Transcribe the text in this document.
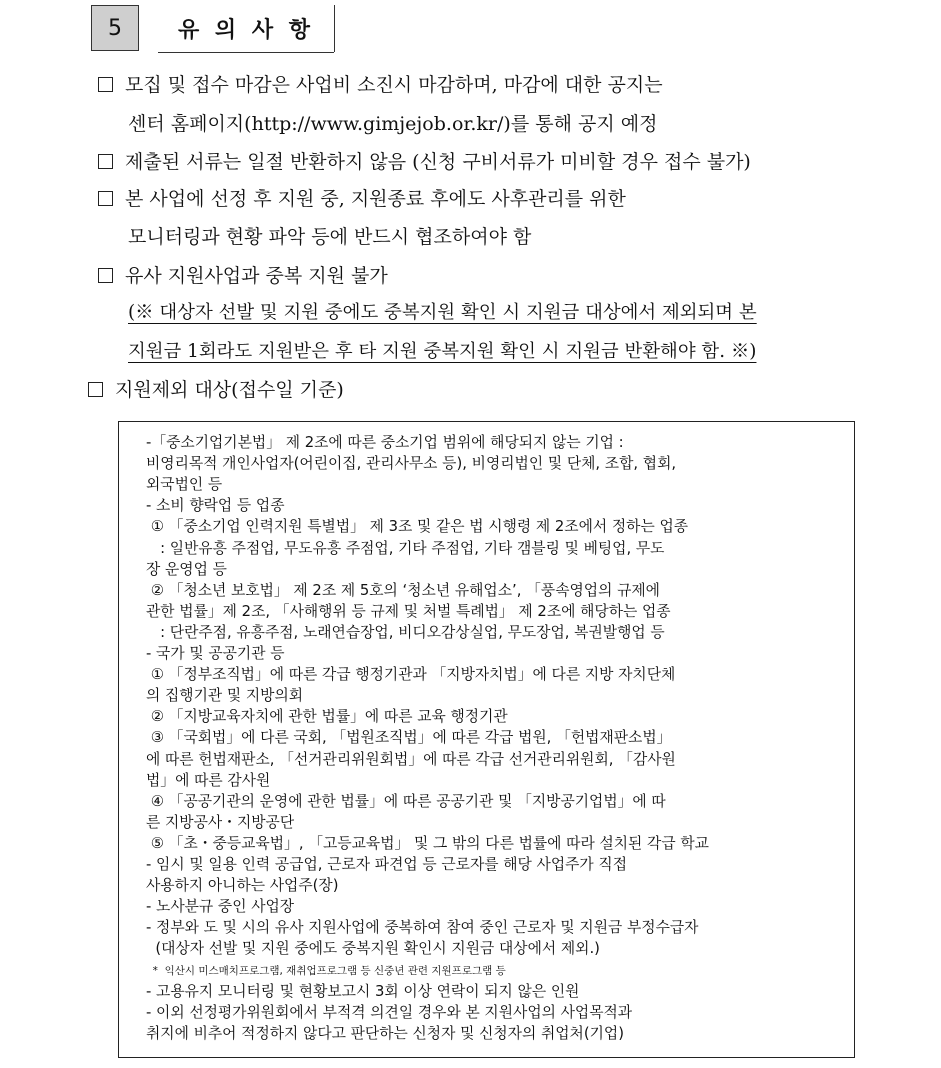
5	유 의 사 항
모집 및 접수 마감은 사업비 소진시 마감하며, 마감에 대한 공지는
센터 홈페이지(http://www.gimjejob.or.kr/)를 통해 공지 예정
제출된 서류는 일절 반환하지 않음 (신청 구비서류가 미비할 경우 접수 불가)
본 사업에 선정 후 지원 중, 지원종료 후에도 사후관리를 위한
모니터링과 현황 파악 등에 반드시 협조하여야 함
유사 지원사업과 중복 지원 불가
(※ 대상자 선발 및 지원 중에도 중복지원 확인 시 지원금 대상에서 제외되며 본
지원금 1회라도 지원받은 후 타 지원 중복지원 확인 시 지원금 반환해야 함. ※)
지원제외 대상(접수일 기준)
-「중소기업기본법」 제 2조에 따른 중소기업 범위에 해당되지 않는 기업 :
비영리목적 개인사업자(어린이집, 관리사무소 등), 비영리법인 및 단체, 조합, 협회,
외국법인 등
- 소비 향락업 등 업종
① 「중소기업 인력지원 특별법」 제 3조 및 같은 법 시행령 제 2조에서 정하는 업종
: 일반유흥 주점업, 무도유흥 주점업, 기타 주점업, 기타 갬블링 및 베팅업, 무도
장 운영업 등
② 「청소년 보호법」 제 2조 제 5호의 ‘청소년 유해업소’, 「풍속영업의 규제에
관한 법률」제 2조, 「사해행위 등 규제 및 처벌 특례법」 제 2조에 해당하는 업종
: 단란주점, 유흥주점, 노래연습장업, 비디오감상실업, 무도장업, 복권발행업 등
- 국가 및 공공기관 등
① 「정부조직법」에 따른 각급 행정기관과 「지방자치법」에 다른 지방 자치단체
의 집행기관 및 지방의회
② 「지방교육자치에 관한 법률」에 따른 교육 행정기관
③ 「국회법」에 다른 국회, 「법원조직법」에 따른 각급 법원, 「헌법재판소법」
에 따른 헌법재판소, 「선거관리위원회법」에 따른 각급 선거관리위원회, 「감사원
법」에 따른 감사원
④ 「공공기관의 운영에 관한 법률」에 따른 공공기관 및 「지방공기업법」에 따
른 지방공사・지방공단
⑤ 「초・중등교육법」, 「고등교육법」 및 그 밖의 다른 법률에 따라 설치된 각급 학교
- 임시 및 일용 인력 공급업, 근로자 파견업 등 근로자를 해당 사업주가 직접
사용하지 아니하는 사업주(장)
- 노사분규 중인 사업장
- 정부와 도 및 시의 유사 지원사업에 중복하여 참여 중인 근로자 및 지원금 부정수급자
(대상자 선발 및 지원 중에도 중복지원 확인시 지원금 대상에서 제외.)
*  익산시 미스매치프로그램, 재취업프로그램 등 신중년 관련 지원프로그램 등
- 고용유지 모니터링 및 현황보고시 3회 이상 연락이 되지 않은 인원
- 이외 선정평가위원회에서 부적격 의견일 경우와 본 지원사업의 사업목적과
취지에 비추어 적정하지 않다고 판단하는 신청자 및 신청자의 취업처(기업)
